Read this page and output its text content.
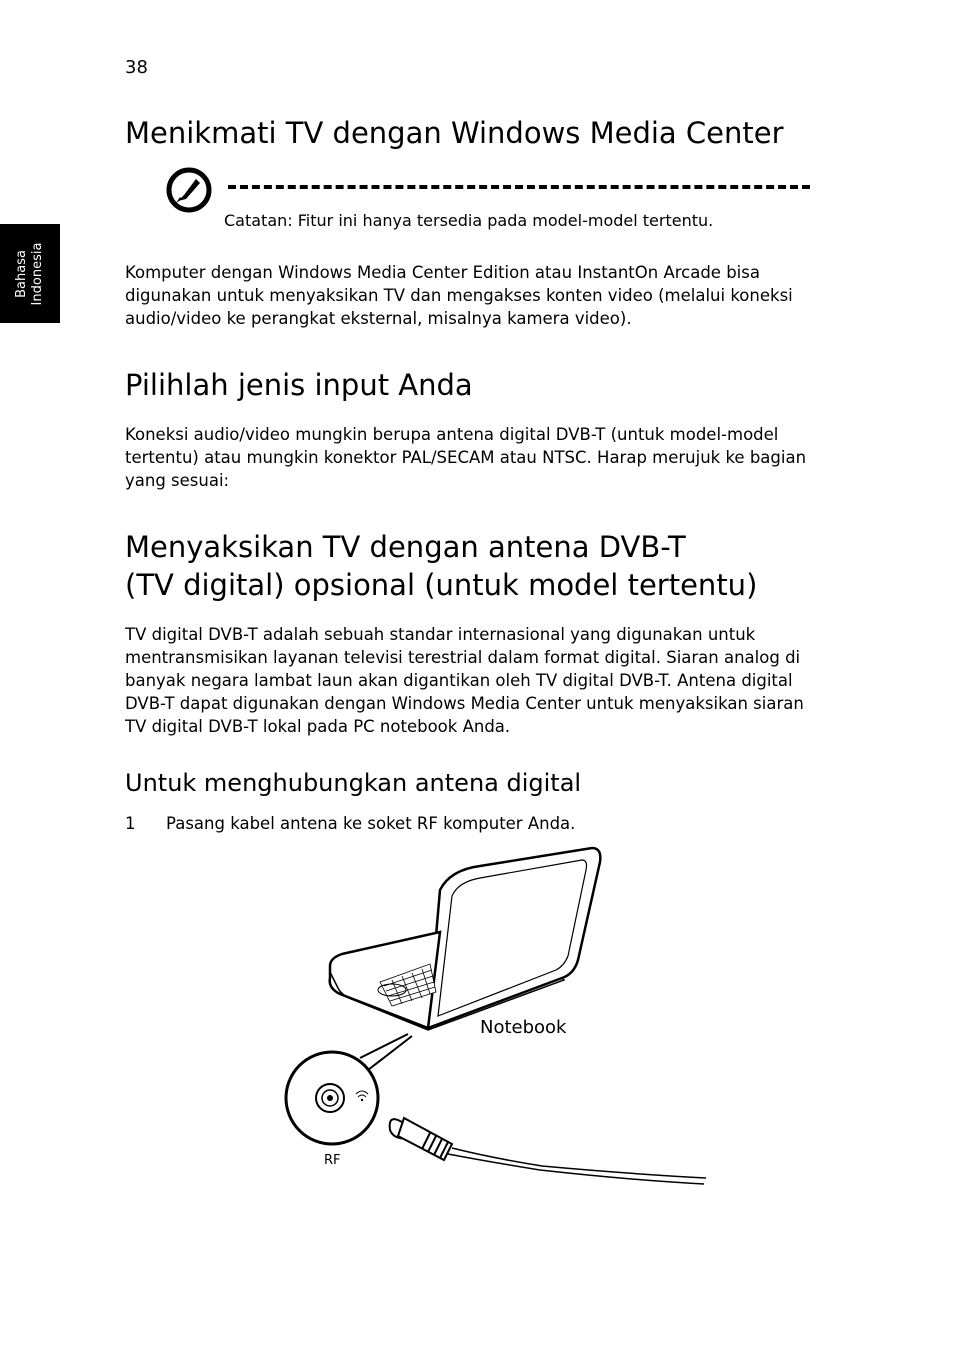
38
Bahasa Indonesia
Menikmati TV dengan Windows Media Center
Catatan: Fitur ini hanya tersedia pada model-model tertentu.

Komputer dengan Windows Media Center Edition atau InstantOn Arcade bisa digunakan untuk menyaksikan TV dan mengakses konten video (melalui koneksi audio/video ke perangkat eksternal, misalnya kamera video).

Pilihlah jenis input Anda

Koneksi audio/video mungkin berupa antena digital DVB-T (untuk model-model tertentu) atau mungkin konektor PAL/SECAM atau NTSC. Harap merujuk ke bagian yang sesuai:

Menyaksikan TV dengan antena DVB-T
(TV digital) opsional (untuk model tertentu)

TV digital DVB-T adalah sebuah standar internasional yang digunakan untuk mentransmisikan layanan televisi terestrial dalam format digital. Siaran analog di banyak negara lambat laun akan digantikan oleh TV digital DVB-T. Antena digital DVB-T dapat digunakan dengan Windows Media Center untuk menyaksikan siaran TV digital DVB-T lokal pada PC notebook Anda.

Untuk menghubungkan antena digital
1 Pasang kabel antena ke soket RF komputer Anda.
Notebook
RF
